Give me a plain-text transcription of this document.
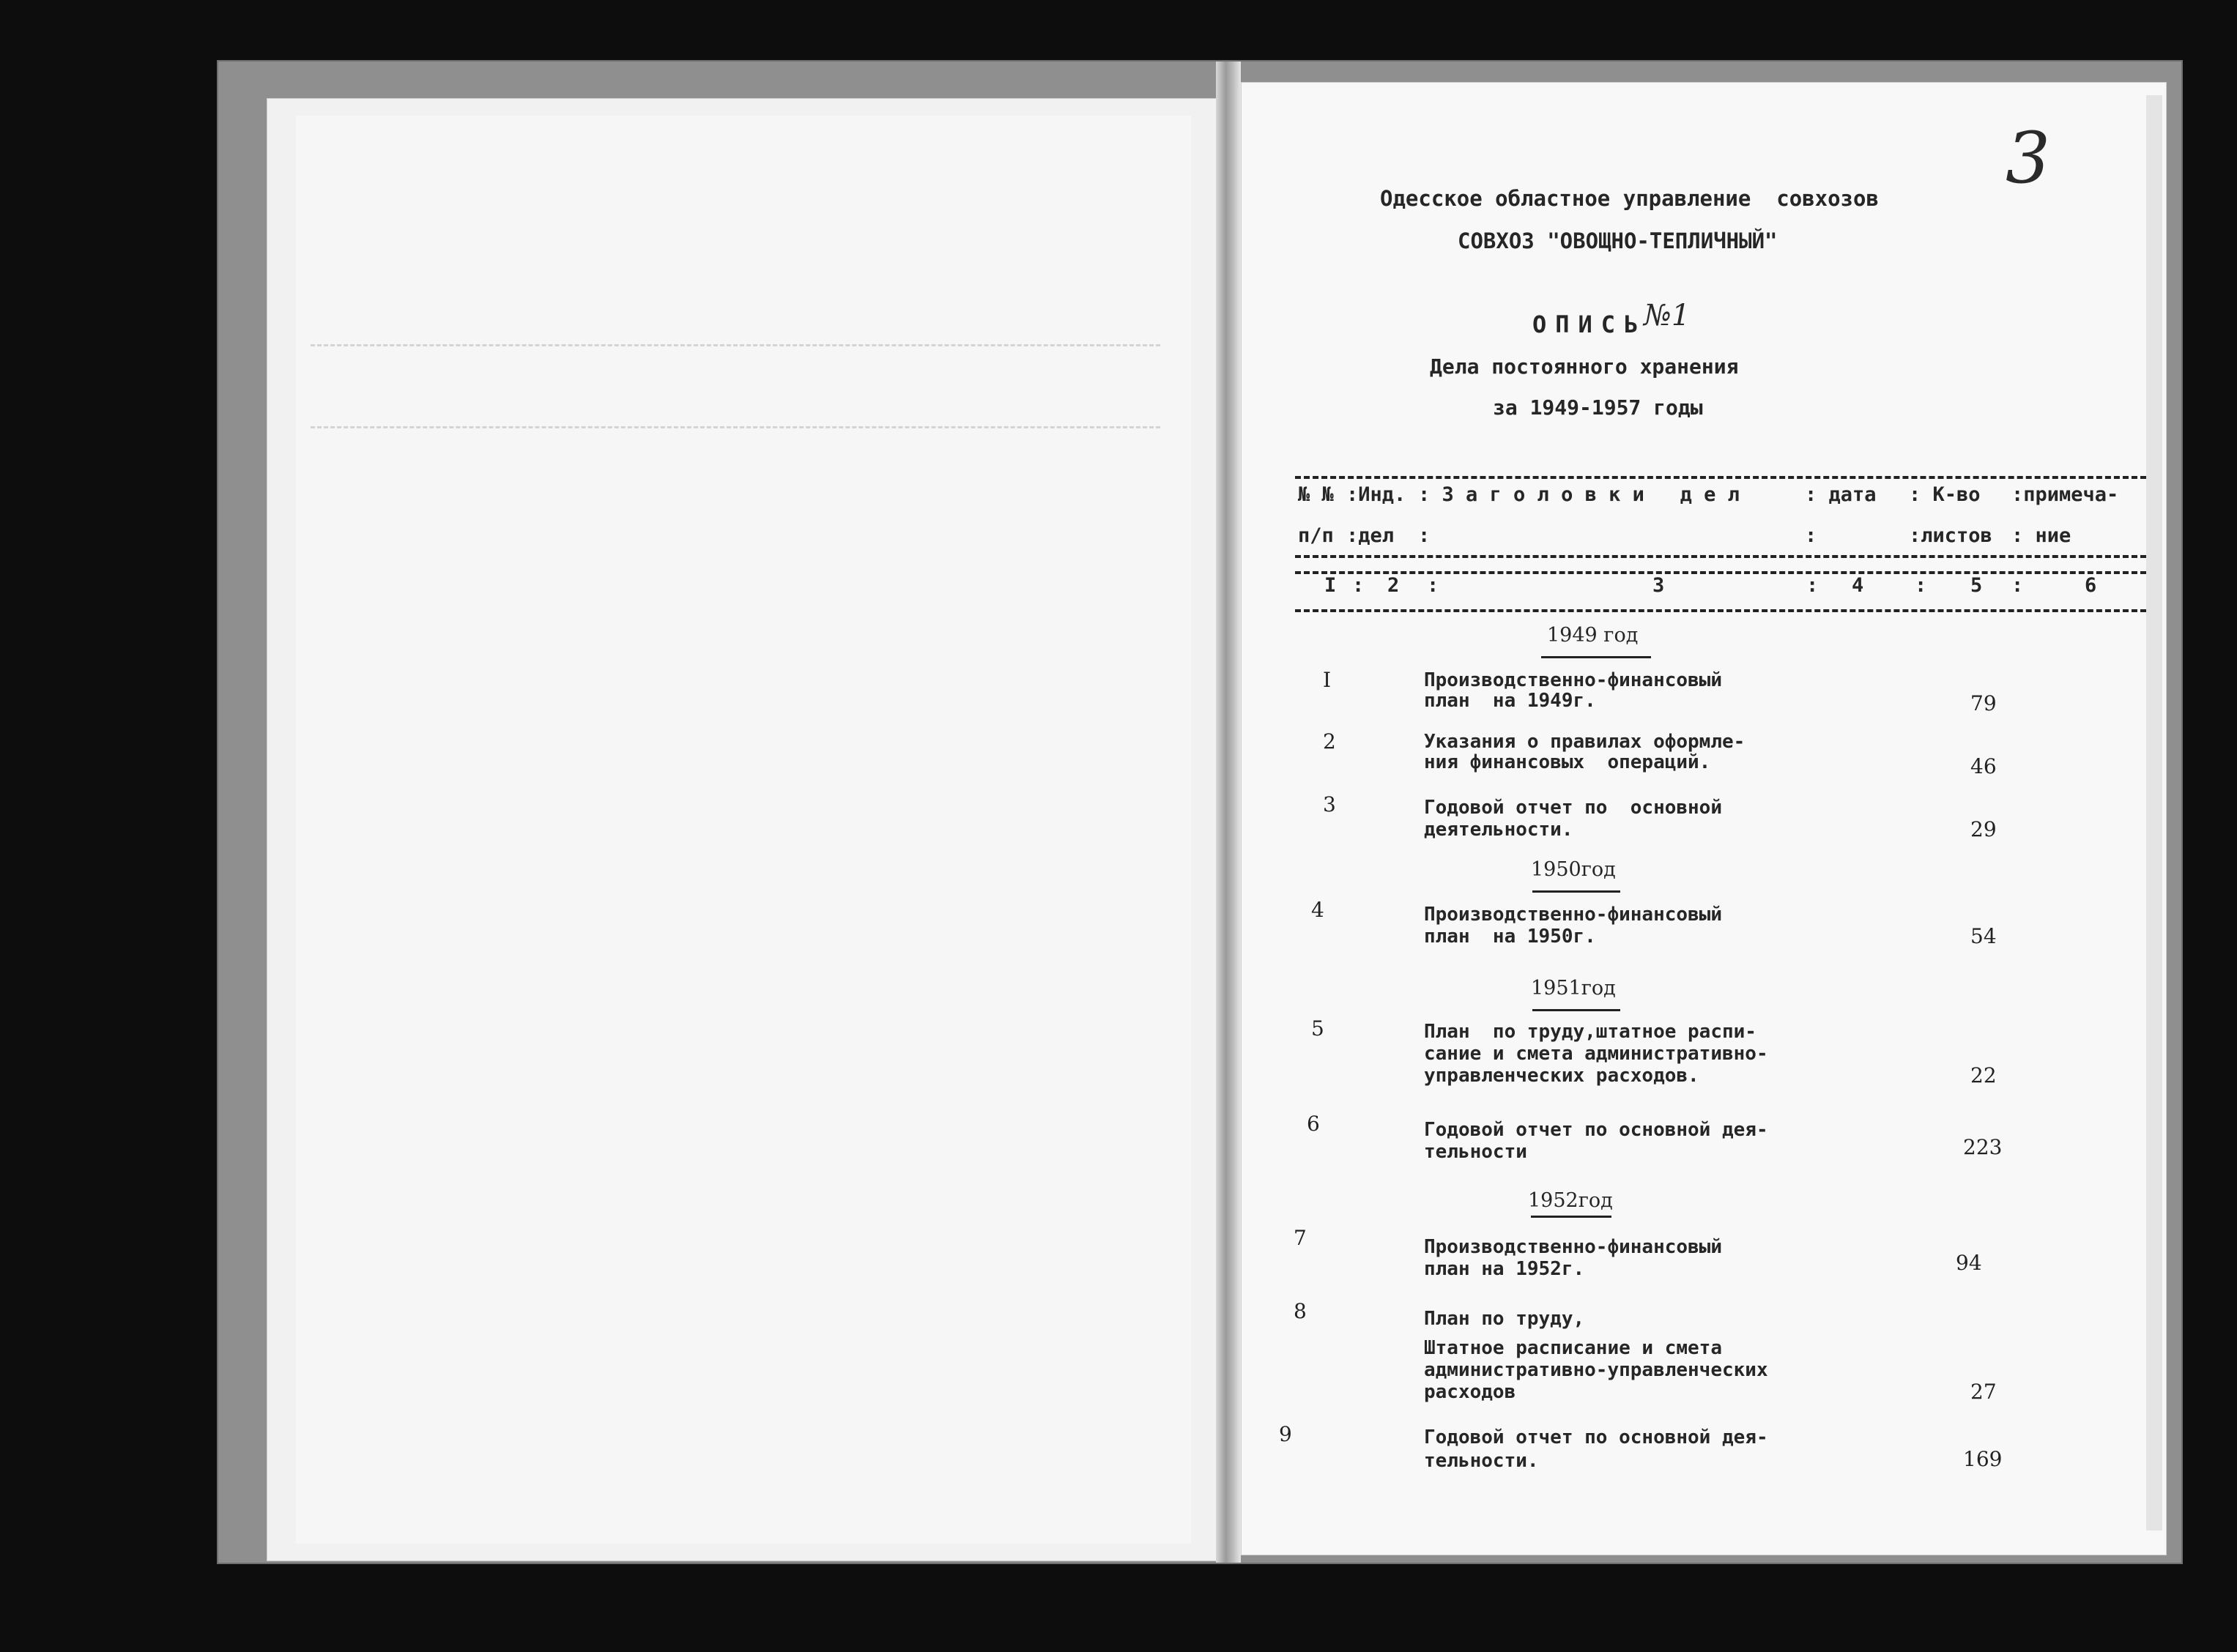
3
Одесское областное управление  совхозов
СОВХОЗ "ОВОЩНО-ТЕПЛИЧНЫЙ"
ОПИСЬ
№1
Дела постоянного хранения
за 1949-1957 годы
№ № :Инд. : З а г о л о в к и   д е л	: дата : К-во :примеча-
п/п :дел :	:	:листов : ние
I : 2 :	3	: 4	: 5 :	6
1949 год
I	Производственно-финансовый
план  на 1949г.	79
2	Указания о правилах оформле-
ния финансовых  операций.	46
3	Годовой отчет по  основной
деятельности.	29
1950год
4	Производственно-финансовый
план  на 1950г.	54
1951год
5	План  по труду,штатное распи-
сание и смета административно-
управленческих расходов.	22
6	Годовой отчет по основной дея-
тельности	223
1952год
7	Производственно-финансовый
план на 1952г.	94
8	План по труду,
Штатное расписание и смета
административно-управленческих
расходов	27
9	Годовой отчет по основной дея-
тельности.	169
